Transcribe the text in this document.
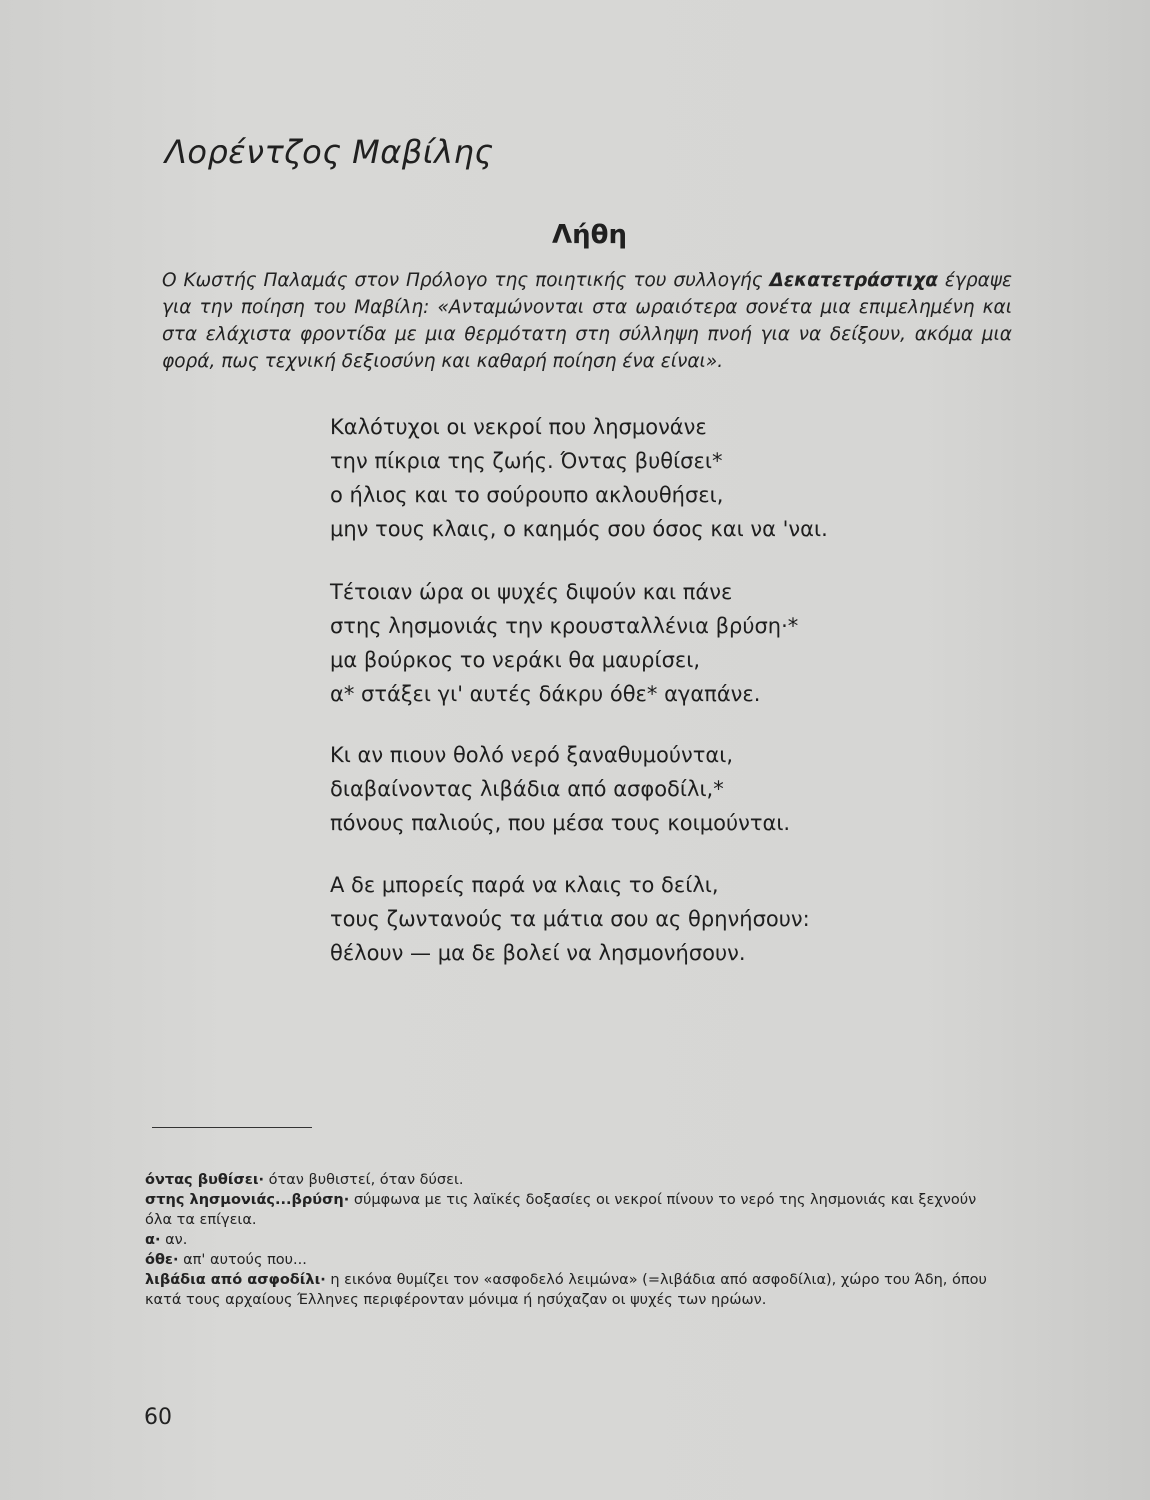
Λορέντζος Μαβίλης
Λήθη

Ο Κωστής Παλαμάς στον Πρόλογο της ποιητικής του συλλογής Δεκατετράστιχα έγραψε για την ποίηση του Μαβίλη: «Ανταμώνονται στα ωραιότερα σονέτα μια επιμελημένη και στα ελάχιστα φροντίδα με μια θερμότατη στη σύλληψη πνοή για να δείξουν, ακόμα μια φορά, πως τεχνική δεξιοσύνη και καθαρή ποίηση ένα είναι».

Καλότυχοι οι νεκροί που λησμονάνε
την πίκρια της ζωής. Όντας βυθίσει*
ο ήλιος και το σούρουπο ακλουθήσει,
μην τους κλαις, ο καημός σου όσος και να 'ναι.
Τέτοιαν ώρα οι ψυχές διψούν και πάνε
στης λησμονιάς την κρουσταλλένια βρύση·*
μα βούρκος το νεράκι θα μαυρίσει,
α* στάξει γι' αυτές δάκρυ όθε* αγαπάνε.
Κι αν πιουν θολό νερό ξαναθυμούνται,
διαβαίνοντας λιβάδια από ασφοδίλι,*
πόνους παλιούς, που μέσα τους κοιμούνται.
Α δε μπορείς παρά να κλαις το δείλι,
τους ζωντανούς τα μάτια σου ας θρηνήσουν:
θέλουν — μα δε βολεί να λησμονήσουν.
όντας βυθίσει· όταν βυθιστεί, όταν δύσει.
στης λησμονιάς...βρύση· σύμφωνα με τις λαϊκές δοξασίες οι νεκροί πίνουν το νερό της λησμονιάς και ξεχνούν όλα τα επίγεια.
α· αν.
όθε· απ' αυτούς που...
λιβάδια από ασφοδίλι· η εικόνα θυμίζει τον «ασφοδελό λειμώνα» (=λιβάδια από ασφοδίλια), χώρο του Άδη, όπου κατά τους αρχαίους Έλληνες περιφέρονταν μόνιμα ή ησύχαζαν οι ψυχές των ηρώων.
60
